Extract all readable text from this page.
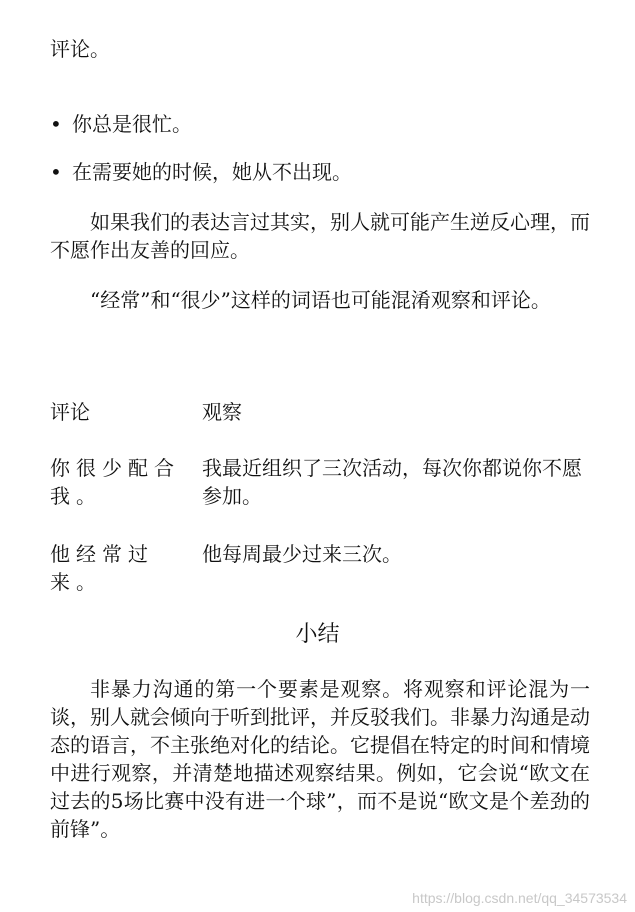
评论。
• 你总是很忙。
• 在需要她的时候，她从不出现。
如果我们的表达言过其实，别人就可能产生逆反心理，而不愿作出友善的回应。
“经常”和“很少”这样的词语也可能混淆观察和评论。
评论	观察
你很少配合我。
我最近组织了三次活动，每次你都说你不愿参加。
他经常过来。
他每周最少过来三次。
小结
非暴力沟通的第一个要素是观察。将观察和评论混为一谈，别人就会倾向于听到批评，并反驳我们。非暴力沟通是动态的语言，不主张绝对化的结论。它提倡在特定的时间和情境中进行观察，并清楚地描述观察结果。例如，它会说“欧文在过去的5场比赛中没有进一个球”，而不是说“欧文是个差劲的前锋”。
https://blog.csdn.net/qq_34573534
